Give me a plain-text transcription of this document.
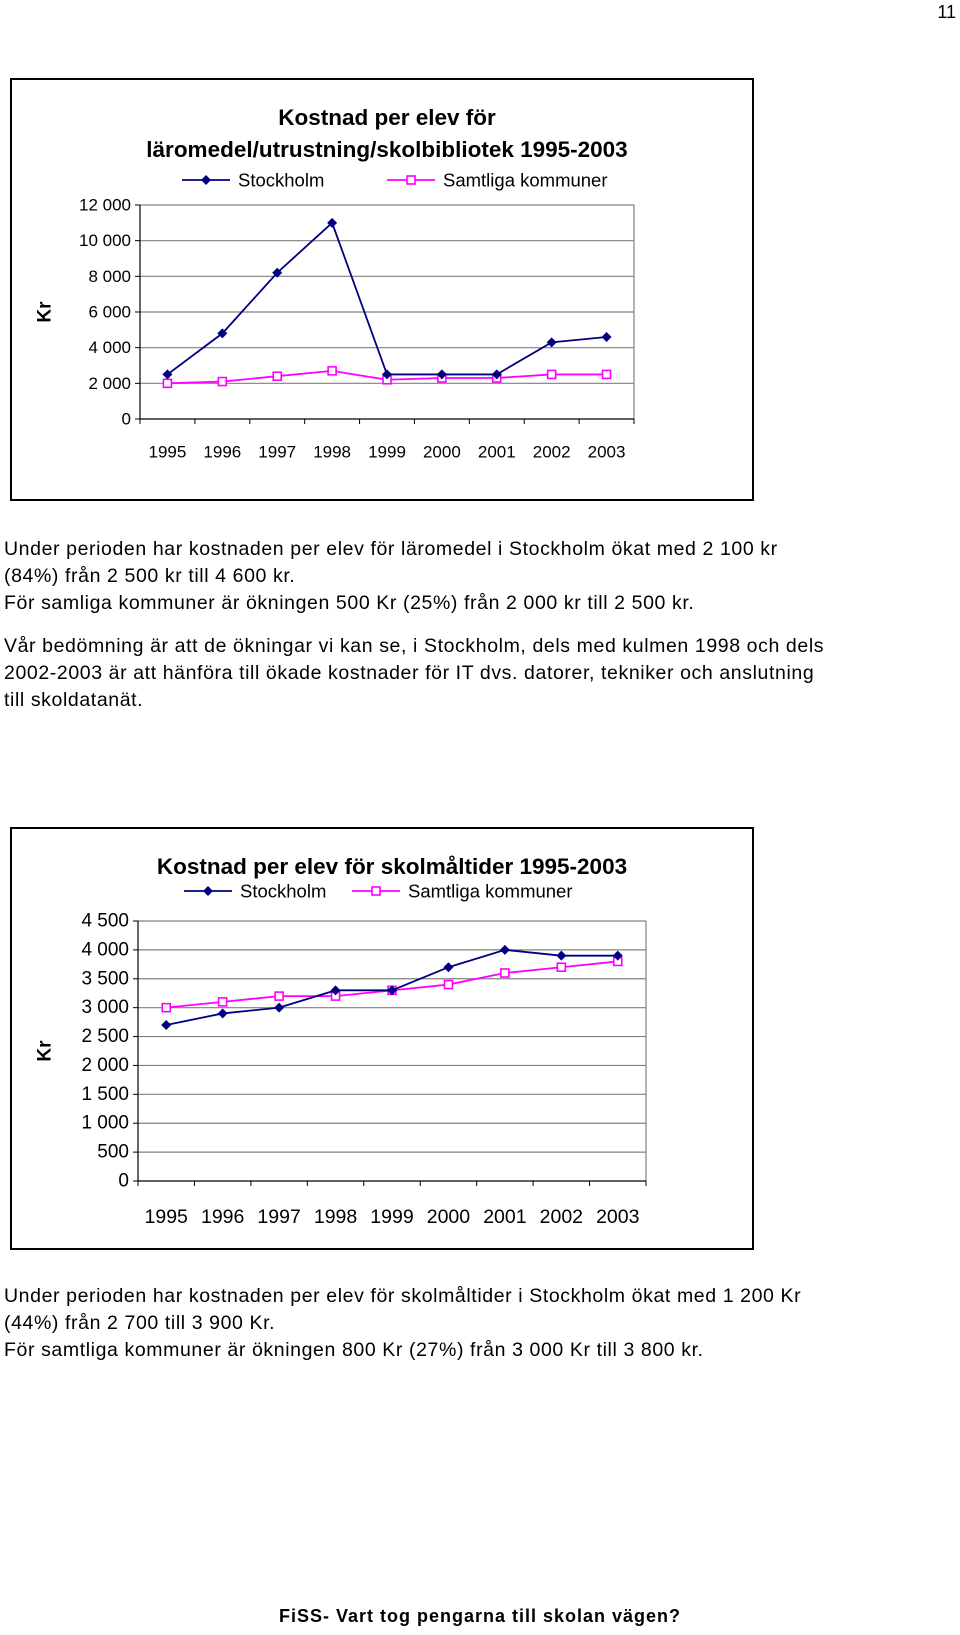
11
Kostnad per elev för
läromedel/utrustning/skolbibliotek 1995-2003
0
2 000
4 000
6 000
8 000
10 000
12 000
1995 1996 1997 1998 1999 2000 2001 2002 2003
Kr
Stockholm	Samtliga kommuner

Under perioden har kostnaden per elev för läromedel i Stockholm ökat med 2 100 kr

(84%) från 2 500 kr till 4 600 kr.

För samliga kommuner är ökningen 500 Kr (25%) från 2 000 kr till 2 500 kr.

Vår bedömning är att de ökningar vi kan se, i Stockholm, dels med kulmen 1998 och dels

2002-2003 är att hänföra till ökade kostnader för IT dvs. datorer, tekniker och anslutning

till skoldatanät.

Kostnad per elev för skolmåltider 1995-2003
0
500
1 000
1 500
2 000
2 500
3 000
3 500
4 000
4 500
1995 1996 1997 1998 1999 2000 2001 2002 2003
Kr
Stockholm	Samtliga kommuner

Under perioden har kostnaden per elev för skolmåltider i Stockholm ökat med 1 200 Kr

(44%) från 2 700 till 3 900 Kr.

För samtliga kommuner är ökningen 800 Kr (27%) från 3 000 Kr till 3 800 kr.

FiSS- Vart tog pengarna till skolan vägen?
